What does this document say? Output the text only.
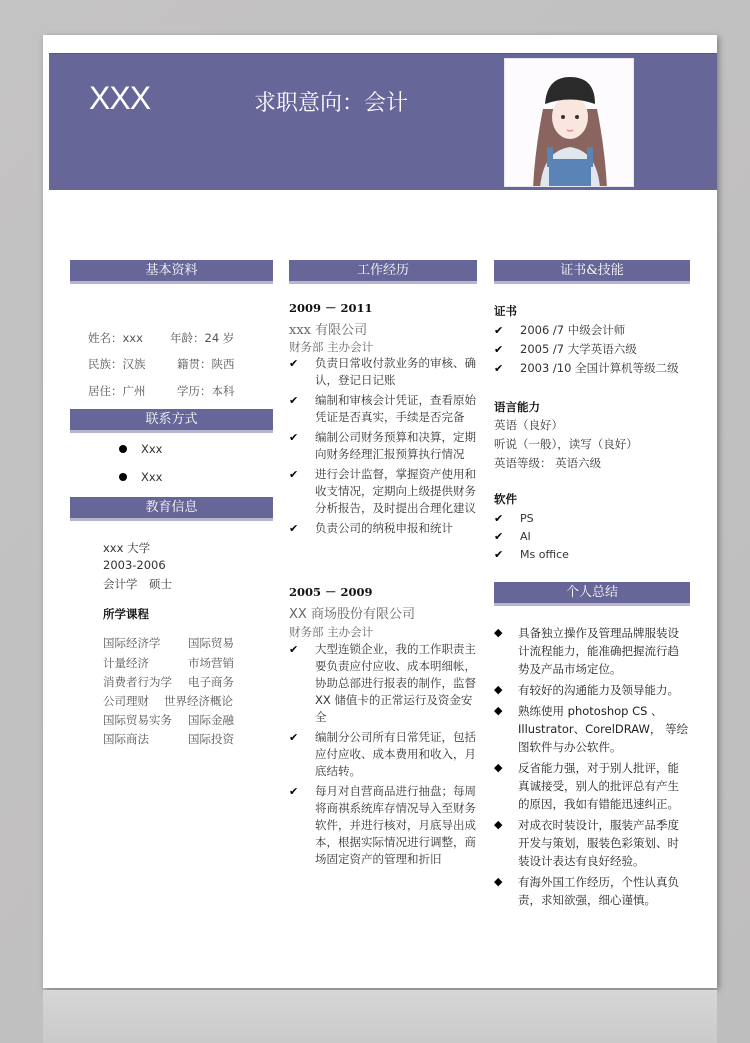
XXX	求职意向：会计
基本资料
姓名：xxx 年龄：24 岁
民族：汉族	籍贯：陕西
居住：广州	学历：本科
联系方式
Xxx
Xxx
教育信息
xxx 大学
2003-2006
会计学　硕士
所学课程
国际经济学 国际贸易
计量经济	市场营销
消费者行为学 电子商务
公司理财 世界经济概论
国际贸易实务 国际金融
国际商法	国际投资
工作经历
2009 － 2011
xxx 有限公司
财务部 主办会计
✔ 负责日常收付款业务的审核、确认，登记日记账
✔ 编制和审核会计凭证，查看原始凭证是否真实，手续是否完备
✔ 编制公司财务预算和决算，定期向财务经理汇报预算执行情况
✔ 进行会计监督，掌握资产使用和收支情况，定期向上级提供财务分析报告，及时提出合理化建议
✔ 负责公司的纳税申报和统计
2005 － 2009
XX 商场股份有限公司
财务部 主办会计
✔ 大型连锁企业，我的工作职责主要负责应付应收、成本明细帐，协助总部进行报表的制作，监督 XX 储值卡的正常运行及资金安全
✔ 编制分公司所有日常凭证，包括应付应收、成本费用和收入，月底结转。
✔ 每月对自营商品进行抽盘；每周将商祺系统库存情况导入至财务软件，并进行核对，月底导出成本，根据实际情况进行调整，商场固定资产的管理和折旧
证书&技能
证书
✔ 2006 /7 中级会计师
✔ 2005 /7 大学英语六级
✔ 2003 /10 全国计算机等级二级
语言能力
英语（良好）
听说（一般），读写（良好）
英语等级： 英语六级
软件
✔ PS
✔ AI
✔ Ms office
个人总结
◆ 具备独立操作及管理品牌服装设计流程能力，能准确把握流行趋势及产品市场定位。
◆ 有较好的沟通能力及领导能力。
◆ 熟练使用 photoshop CS 、Illustrator、CorelDRAW， 等绘图软件与办公软件。
◆ 反省能力强，对于别人批评，能真诚接受，别人的批评总有产生的原因，我如有错能迅速纠正。
◆ 对成衣时装设计，服装产品季度开发与策划，服装色彩策划、时装设计表达有良好经验。
◆ 有海外国工作经历，个性认真负责，求知欲强，细心谨慎。
